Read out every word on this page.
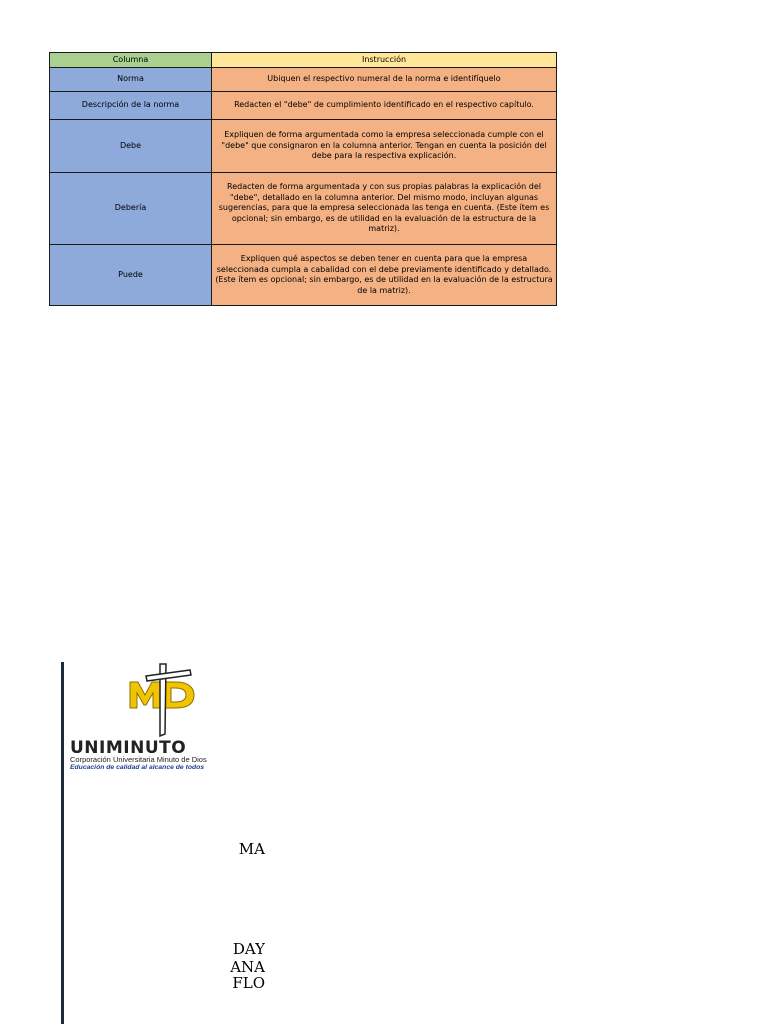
Columna	Instrucción
Norma	Ubiquen el respectivo numeral de la norma e identifíquelo
Descripción de la norma	Redacten el "debe" de cumplimiento identificado en el respectivo capítulo.
Debe	Expliquen de forma argumentada como la empresa seleccionada cumple con el "debe" que consignaron en la columna anterior. Tengan en cuenta la posición del debe para la respectiva explicación.
Debería	Redacten de forma argumentada y con sus propias palabras la explicación del "debe", detallado en la columna anterior. Del mismo modo, incluyan algunas sugerencias, para que la empresa seleccionada las tenga en cuenta. (Este ítem es opcional; sin embargo, es de utilidad en la evaluación de la estructura de la matriz).
Puede	Expliquen qué aspectos se deben tener en cuenta para que la empresa seleccionada cumpla a cabalidad con el debe previamente identificado y detallado. (Este ítem es opcional; sin embargo, es de utilidad en la evaluación de la estructura de la matriz).
UNIMINUTO
Corporación Universitaria Minuto de Dios
Educación de calidad al alcance de todos
MA
DAY
ANA
FLO
